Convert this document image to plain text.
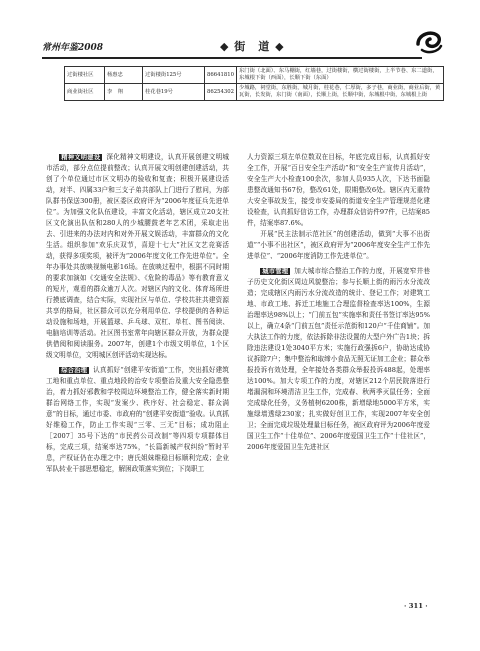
常州年鉴2008	◆ 街　道 ◆
过街楼社区	杨惠忠	过街楼街125号	86641810	东门街（北面）、东马棚街，红墙巷，过街楼街，横过街楼街，上半节巷、东二道街，东城根下街（西面），长顺下街（东面）
商业街社区	李　翔	桂花巷19号	86254302	少城路，祠堂街，东胜街，城月街，桂花巷，仁厚街，多子巷，商业街，商业后街，黄瓦街，长发街，东门街（南面），长顺上街，长顺中街，东城根中街，东城根上街

精神文明建设 深化精神文明建设，认真开展创建文明城市活动，部分点位提前整改；认真开展文明创建创建活动，共创了个单位通过市区文明办的验收和复查；积极开展建设活动，对半、四属33户和三支子弟共部队上门进行了慰问，为部队群书保送300册，被区委区政府评为“2006年度征兵先进单位”。为加强文化队伍建设，丰富文化活动，辖区成立20支社区文化演出队伍和280人的少城腰鼓老年艺术团，采取走出去、引进来的办法对内和对外开展文娱活动，丰富群众的文化生活。组织参加“欢乐庆双节，喜迎十七大”社区文艺竞赛活动，获得多项奖项，被评为“2006年度文化工作先进单位”。全年办事处共放映视频电影16场。在放映过程中，根据不同时期的要求加演如《交通安全法规》、《危险的毒品》等有教育意义的短片，观看的群众逾万人次。对辖区内的文化、体育场所进行摸底调查，结合实际，实现社区与单位、学校共驻共建资源共享的格局，社区群众可以充分利用单位、学校提供的各种运动设施和场地，开展篮球、乒乓球、双杠、单杠、图书阅读、电脑培训等活动。社区图书室常年向辖区群众开放，为群众提供借阅和阅读服务。2007年，创建1个市级文明单位，1个区级文明单位，文明城区创评活动实现达标。

综合治理 认真抓好“创建平安街道”工作，突出抓好建筑工地和重点单位、重点地段的治安专项整治及重大安全隐患整治，着力抓好邪教和学校周边环境整治工作，健全落实新时期群治网络工作，实现“发案少、秩序好、社会稳定、群众满意”的目标，通过市委、市政府的“创建平安街道”验收。认真抓好维稳工作，防止工作实现“三零、三无”目标；成功阻止［2007］35号下达的“市民药公司改制”等四项专项群体目标，完成三项，结案率达75%，“长篇新城产权纠纷”暂时平息，产权证仍在办理之中；唐氏姐妹维稳目标顺利完成；企业军队转业干部思想稳定，解困政策落实到位；下岗职工

人力资源三项左单位数双在目标，年底完成目标，认真抓好安全工作，开展“百日安全生产活动”和“安全生产宣传月活动”，安全生产大小检查100余次，参加人员935人次，下达书面隐患整改通知书67份，整改61处，限期整改6处。辖区内无重特大安全事故发生，接受市安委局的街道安全生产管理规范化建设检查，认真抓好信访工作，办理群众信访件97件，已结案85件，结案率87.6%。

开展“民主法制示范社区”的创建活动，做到“大事不出街道”“小事不出社区”，被区政府评为“2006年度安全生产工作先进单位”、“2006年度消防工作先进单位”。

城市管理 加大城市综合整治工作的力度，开展宽窄井巷子历史文化街区周边风貌整治；参与长顺上街的雨污水分流改造；完成辖区内雨污水分流改造的统计、登记工作；对建筑工地、市政工地、拆迁工地施工合理监督检查率达100%，生源治理率达98%以上；“门前五包”实施率和责任书签订率达95%以上，确立4条“门前五包”责任示范街和120户“千佳商铺”。加大执法工作的力度，依法拆除非法设置的大型户外广告1块；拆除违法建设1处3040平方米；实施行政强拆6户，协助达成协议拆除7户；集中整治和取缔小食品无照无证加工企业；群众举报投诉有效处理，全年接处各类群众举报投诉488起，处理率达100%。加大专项工作的力度，对辖区212个居民院落进行堵漏洞和环境清洁卫生工作，完成春、秋两季灭鼠任务；全面完成绿化任务，义务植树6200株，新增绿地5000平方米，实施绿墙透绿230家；扎实做好创卫工作，实现2007年安全创卫；全面完成垃圾处理量目标任务，被区政府评为2006年度爱国卫生工作“十佳单位”、2006年度爱国卫生工作“十佳社区”，2006年度爱国卫生先进社区

· 311 ·
